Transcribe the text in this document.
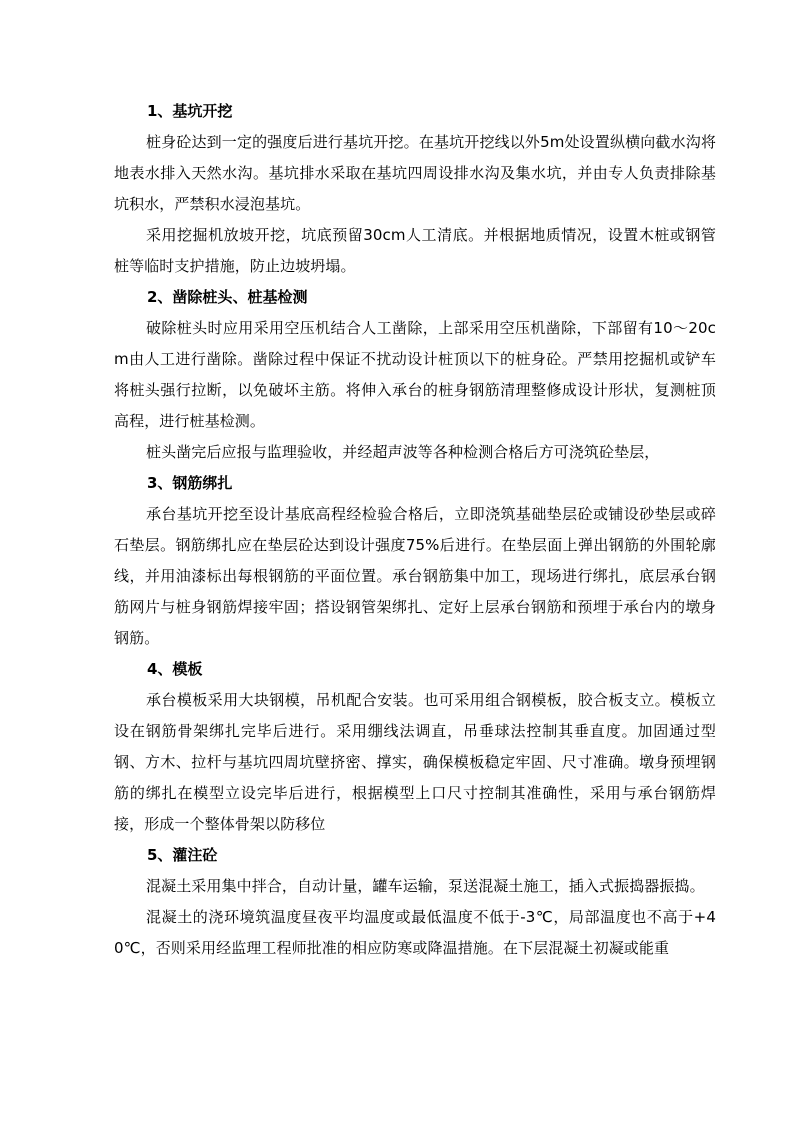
1、基坑开挖

桩身砼达到一定的强度后进行基坑开挖。在基坑开挖线以外5m处设置纵横向截水沟将地表水排入天然水沟。基坑排水采取在基坑四周设排水沟及集水坑，并由专人负责排除基坑积水，严禁积水浸泡基坑。

采用挖掘机放坡开挖，坑底预留30cm人工清底。并根据地质情况，设置木桩或钢管桩等临时支护措施，防止边坡坍塌。

2、凿除桩头、桩基检测

破除桩头时应用采用空压机结合人工凿除，上部采用空压机凿除，下部留有10～20cm由人工进行凿除。凿除过程中保证不扰动设计桩顶以下的桩身砼。严禁用挖掘机或铲车将桩头强行拉断，以免破坏主筋。将伸入承台的桩身钢筋清理整修成设计形状，复测桩顶高程，进行桩基检测。

桩头凿完后应报与监理验收，并经超声波等各种检测合格后方可浇筑砼垫层，

3、钢筋绑扎

承台基坑开挖至设计基底高程经检验合格后，立即浇筑基础垫层砼或铺设砂垫层或碎石垫层。钢筋绑扎应在垫层砼达到设计强度75%后进行。在垫层面上弹出钢筋的外围轮廓线，并用油漆标出每根钢筋的平面位置。承台钢筋集中加工，现场进行绑扎，底层承台钢筋网片与桩身钢筋焊接牢固；搭设钢管架绑扎、定好上层承台钢筋和预埋于承台内的墩身钢筋。

4、模板

承台模板采用大块钢模，吊机配合安装。也可采用组合钢模板，胶合板支立。模板立设在钢筋骨架绑扎完毕后进行。采用绷线法调直，吊垂球法控制其垂直度。加固通过型钢、方木、拉杆与基坑四周坑壁挤密、撑实，确保模板稳定牢固、尺寸准确。墩身预埋钢筋的绑扎在模型立设完毕后进行，根据模型上口尺寸控制其准确性，采用与承台钢筋焊接，形成一个整体骨架以防移位

5、灌注砼

混凝土采用集中拌合，自动计量，罐车运输，泵送混凝土施工，插入式振捣器振捣。

混凝土的浇环境筑温度昼夜平均温度或最低温度不低于-3℃，局部温度也不高于+40℃，否则采用经监理工程师批准的相应防寒或降温措施。在下层混凝土初凝或能重
